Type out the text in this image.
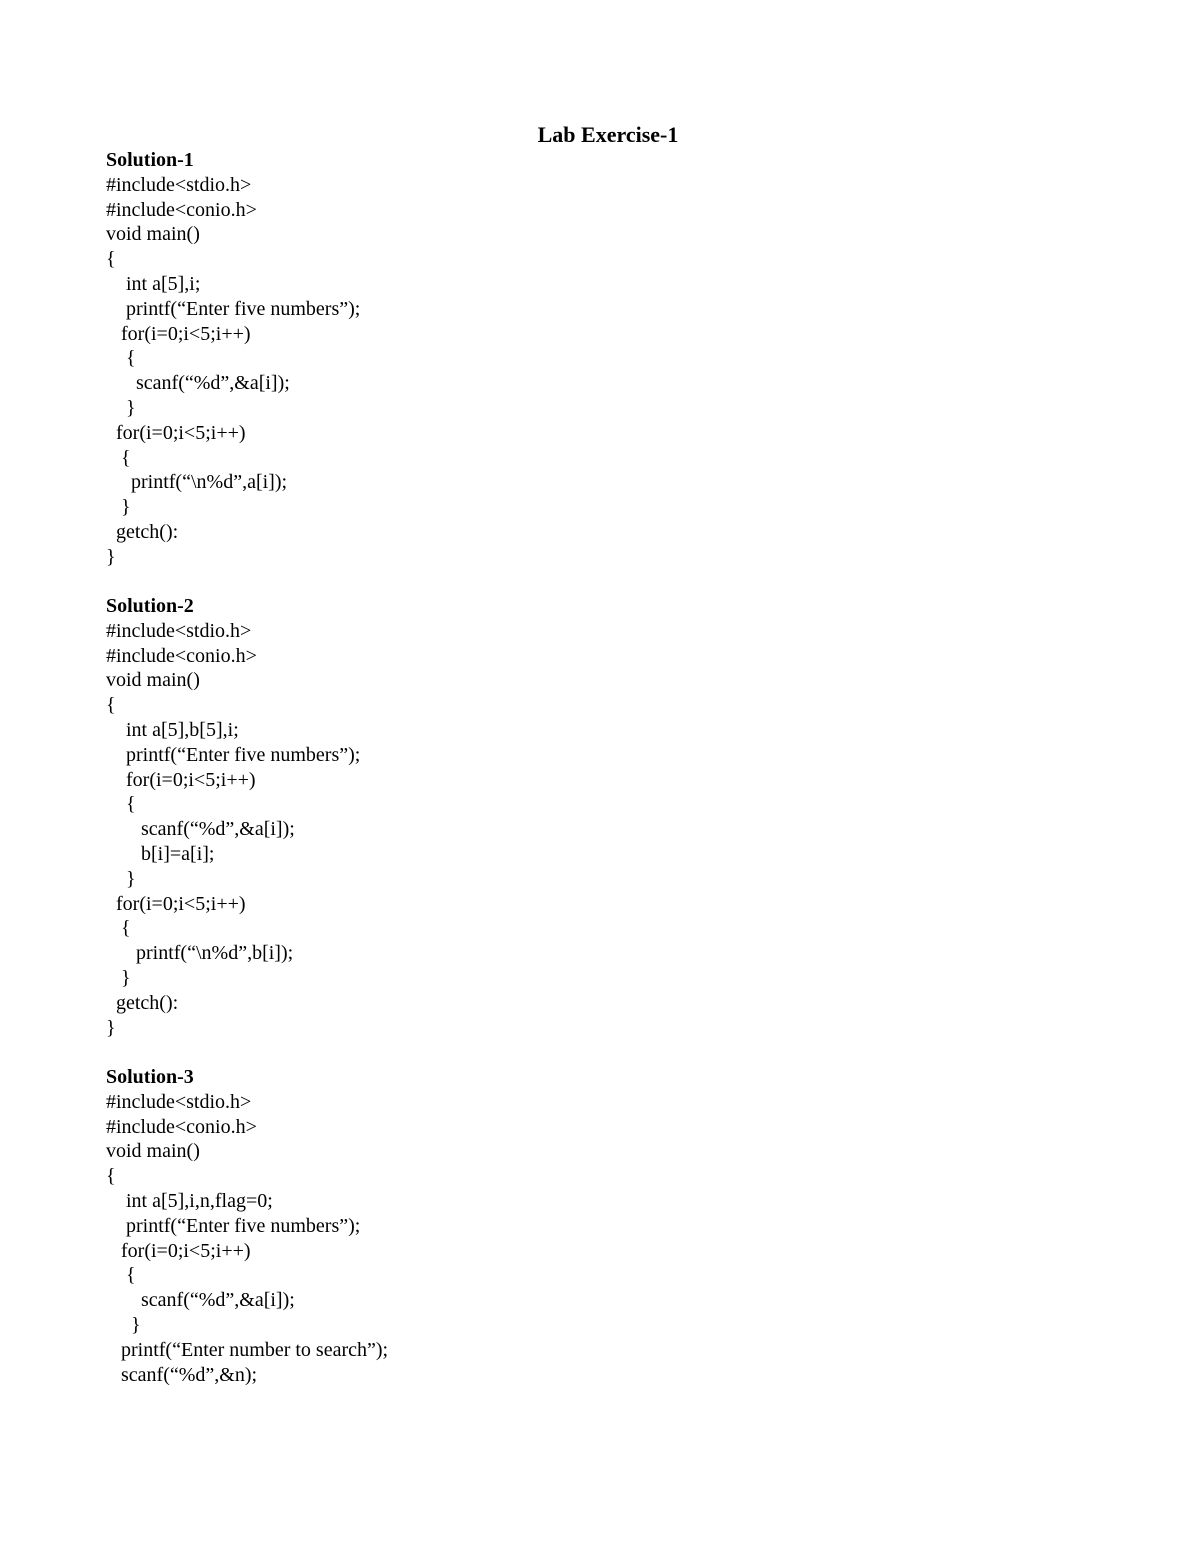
Lab Exercise-1
Solution-1
#include<stdio.h>
#include<conio.h>
void main()
{
int a[5],i;
printf(“Enter five numbers”);
for(i=0;i<5;i++)
{
scanf(“%d”,&a[i]);
}
for(i=0;i<5;i++)
{
printf(“\n%d”,a[i]);
}
getch():
}
Solution-2
#include<stdio.h>
#include<conio.h>
void main()
{
int a[5],b[5],i;
printf(“Enter five numbers”);
for(i=0;i<5;i++)
{
scanf(“%d”,&a[i]);
b[i]=a[i];
}
for(i=0;i<5;i++)
{
printf(“\n%d”,b[i]);
}
getch():
}
Solution-3
#include<stdio.h>
#include<conio.h>
void main()
{
int a[5],i,n,flag=0;
printf(“Enter five numbers”);
for(i=0;i<5;i++)
{
scanf(“%d”,&a[i]);
}
printf(“Enter number to search”);
scanf(“%d”,&n);
